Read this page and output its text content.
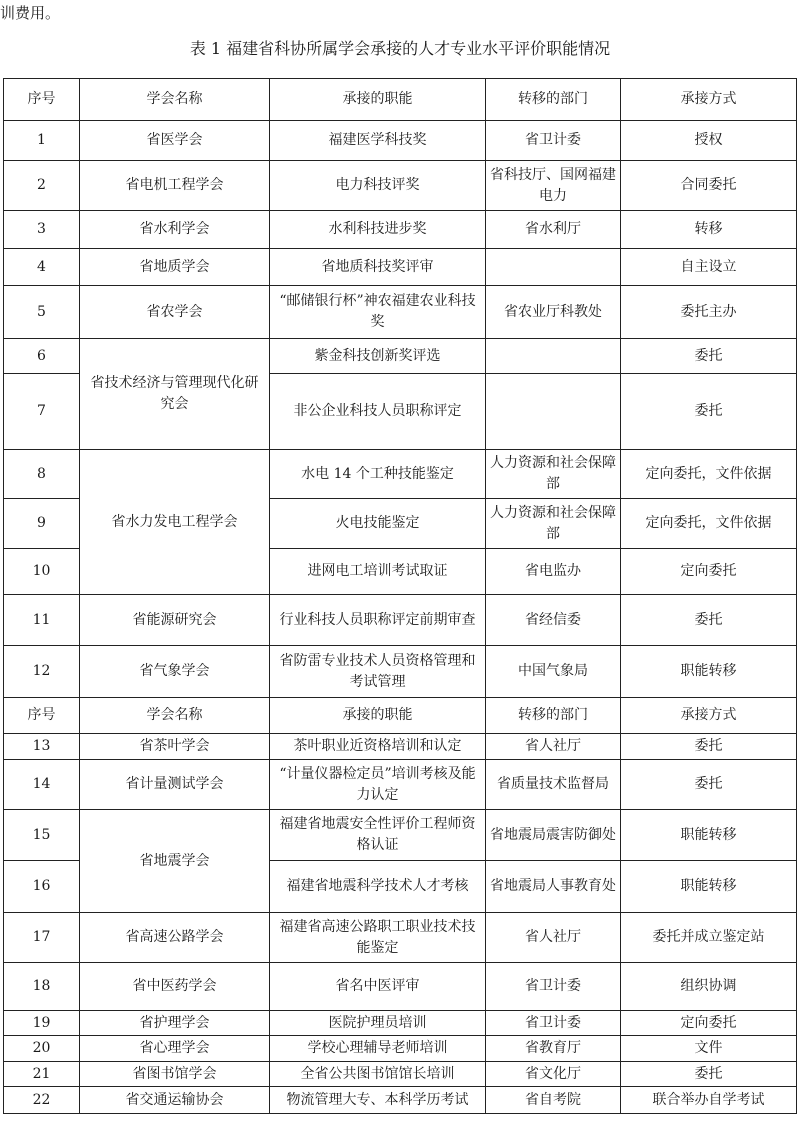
训费用。
表 1 福建省科协所属学会承接的人才专业水平评价职能情况
序号	学会名称	承接的职能	转移的部门	承接方式
1	省医学会	福建医学科技奖	省卫计委	授权
2	省电机工程学会	电力科技评奖	省科技厅、国网福建电力	合同委托
3	省水利学会	水利科技进步奖	省水利厅	转移
4	省地质学会	省地质科技奖评审		自主设立
5	省农学会	“邮储银行杯”神农福建农业科技奖	省农业厅科教处	委托主办
6	省技术经济与管理现代化研究会	紫金科技创新奖评选		委托
7		非公企业科技人员职称评定		委托
8	省水力发电工程学会	水电 14 个工种技能鉴定	人力资源和社会保障部	定向委托，文件依据
9		火电技能鉴定	人力资源和社会保障部	定向委托，文件依据
10		进网电工培训考试取证	省电监办	定向委托
11	省能源研究会	行业科技人员职称评定前期审查	省经信委	委托
12	省气象学会	省防雷专业技术人员资格管理和考试管理	中国气象局	职能转移
序号	学会名称	承接的职能	转移的部门	承接方式
13	省茶叶学会	茶叶职业近资格培训和认定	省人社厅	委托
14	省计量测试学会	“计量仪器检定员”培训考核及能力认定	省质量技术监督局	委托
15	省地震学会	福建省地震安全性评价工程师资格认证	省地震局震害防御处	职能转移
16		福建省地震科学技术人才考核	省地震局人事教育处	职能转移
17	省高速公路学会	福建省高速公路职工职业技术技能鉴定	省人社厅	委托并成立鉴定站
18	省中医药学会	省名中医评审	省卫计委	组织协调
19	省护理学会	医院护理员培训	省卫计委	定向委托
20	省心理学会	学校心理辅导老师培训	省教育厅	文件
21	省图书馆学会	全省公共图书馆馆长培训	省文化厅	委托
22	省交通运输协会	物流管理大专、本科学历考试	省自考院	联合举办自学考试
